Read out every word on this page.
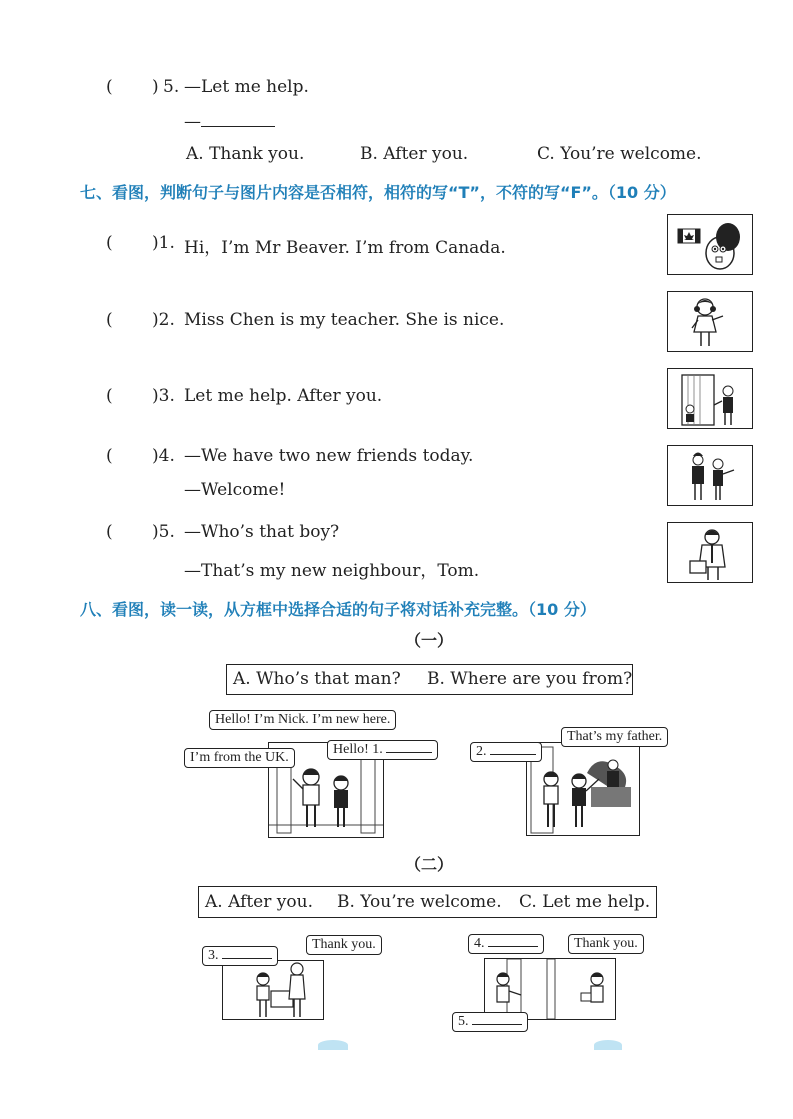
( ) 5. —Let me help.
—
A. Thank you.	B. After you.	C. You’re welcome.
七、看图，判断句子与图片内容是否相符，相符的写“T”，不符的写“F”。（10 分）
( )1. Hi，I’m Mr Beaver. I’m from Canada.
( )2. Miss Chen is my teacher. She is nice.
( )3. Let me help. After you.
( )4. —We have two new friends today.
—Welcome!
( )5. —Who’s that boy?
—That’s my new neighbour，Tom.
八、看图，读一读，从方框中选择合适的句子将对话补充完整。（10 分）
（一）
A. Who’s that man? B. Where are you from?
Hello! I’m Nick. I’m new here.
I’m from the UK.
Hello! 1.	2.
That’s my father.
（二）
A. After you. B. You’re welcome. C. Let me help.
3.
Thank you.	4.	Thank you.
5.
